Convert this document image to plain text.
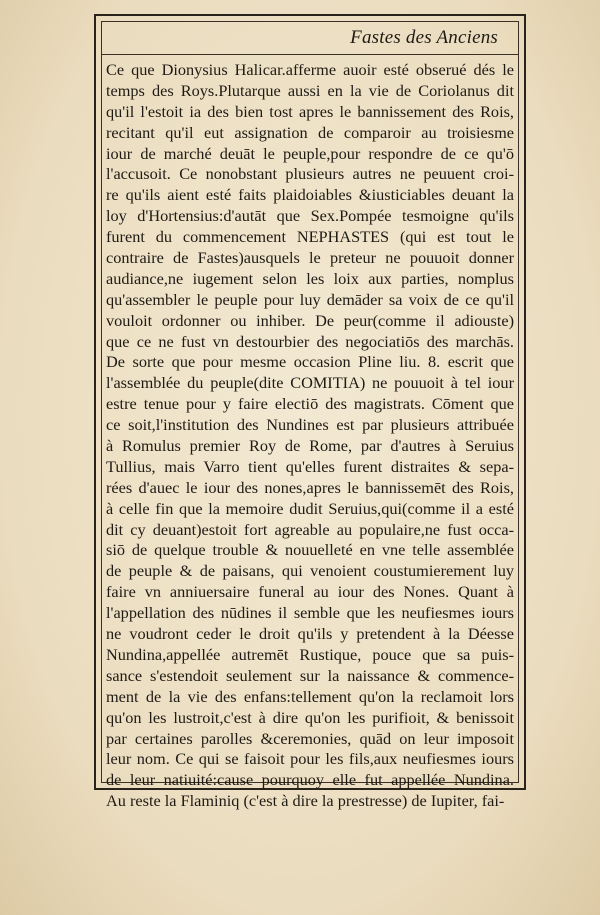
Fastes des Anciens
Ce que Dionysius Halicar.afferme auoir esté obserué dés le
temps des Roys.Plutarque aussi en la vie de Coriolanus dit
qu'il l'estoit ia des bien tost apres le bannissement des Rois,
recitant qu'il eut assignation de comparoir au troisiesme
iour de marché deuāt le peuple,pour respondre de ce qu'ō
l'accusoit. Ce nonobstant plusieurs autres ne peuuent croi-
re qu'ils aient esté faits plaidoiables &iusticiables deuant la
loy d'Hortensius:d'autāt que Sex.Pompée tesmoigne qu'ils
furent du commencement NEPHASTES (qui est tout le
contraire de Fastes)ausquels le preteur ne pouuoit donner
audiance,ne iugement selon les loix aux parties, nomplus
qu'assembler le peuple pour luy demāder sa voix de ce qu'il
vouloit ordonner ou inhiber. De peur(comme il adiouste)
que ce ne fust vn destourbier des negociatiōs des marchās.
De sorte que pour mesme occasion Pline liu. 8. escrit que
l'assemblée du peuple(dite COMITIA) ne pouuoit à tel iour
estre tenue pour y faire electiō des magistrats. Cōment que
ce soit,l'institution des Nundines est par plusieurs attribuée
à Romulus premier Roy de Rome, par d'autres à Seruius
Tullius, mais Varro tient qu'elles furent distraites & sepa-
rées d'auec le iour des nones,apres le bannissemēt des Rois,
à celle fin que la memoire dudit Seruius,qui(comme il a esté
dit cy deuant)estoit fort agreable au populaire,ne fust occa-
siō de quelque trouble & nouuelleté en vne telle assemblée
de peuple & de paisans, qui venoient coustumierement luy
faire vn anniuersaire funeral au iour des Nones. Quant à
l'appellation des nūdines il semble que les neufiesmes iours
ne voudront ceder le droit qu'ils y pretendent à la Déesse
Nundina,appellée autremēt Rustique, pouce que sa puis-
sance s'estendoit seulement sur la naissance & commence-
ment de la vie des enfans:tellement qu'on la reclamoit lors
qu'on les lustroit,c'est à dire qu'on les purifioit, & benissoit
par certaines parolles &ceremonies, quād on leur imposoit
leur nom. Ce qui se faisoit pour les fils,aux neufiesmes iours
de leur natiuité:cause pourquoy elle fut appellée Nundina.
Au reste la Flaminiq (c'est à dire la prestresse) de Iupiter, fai-
